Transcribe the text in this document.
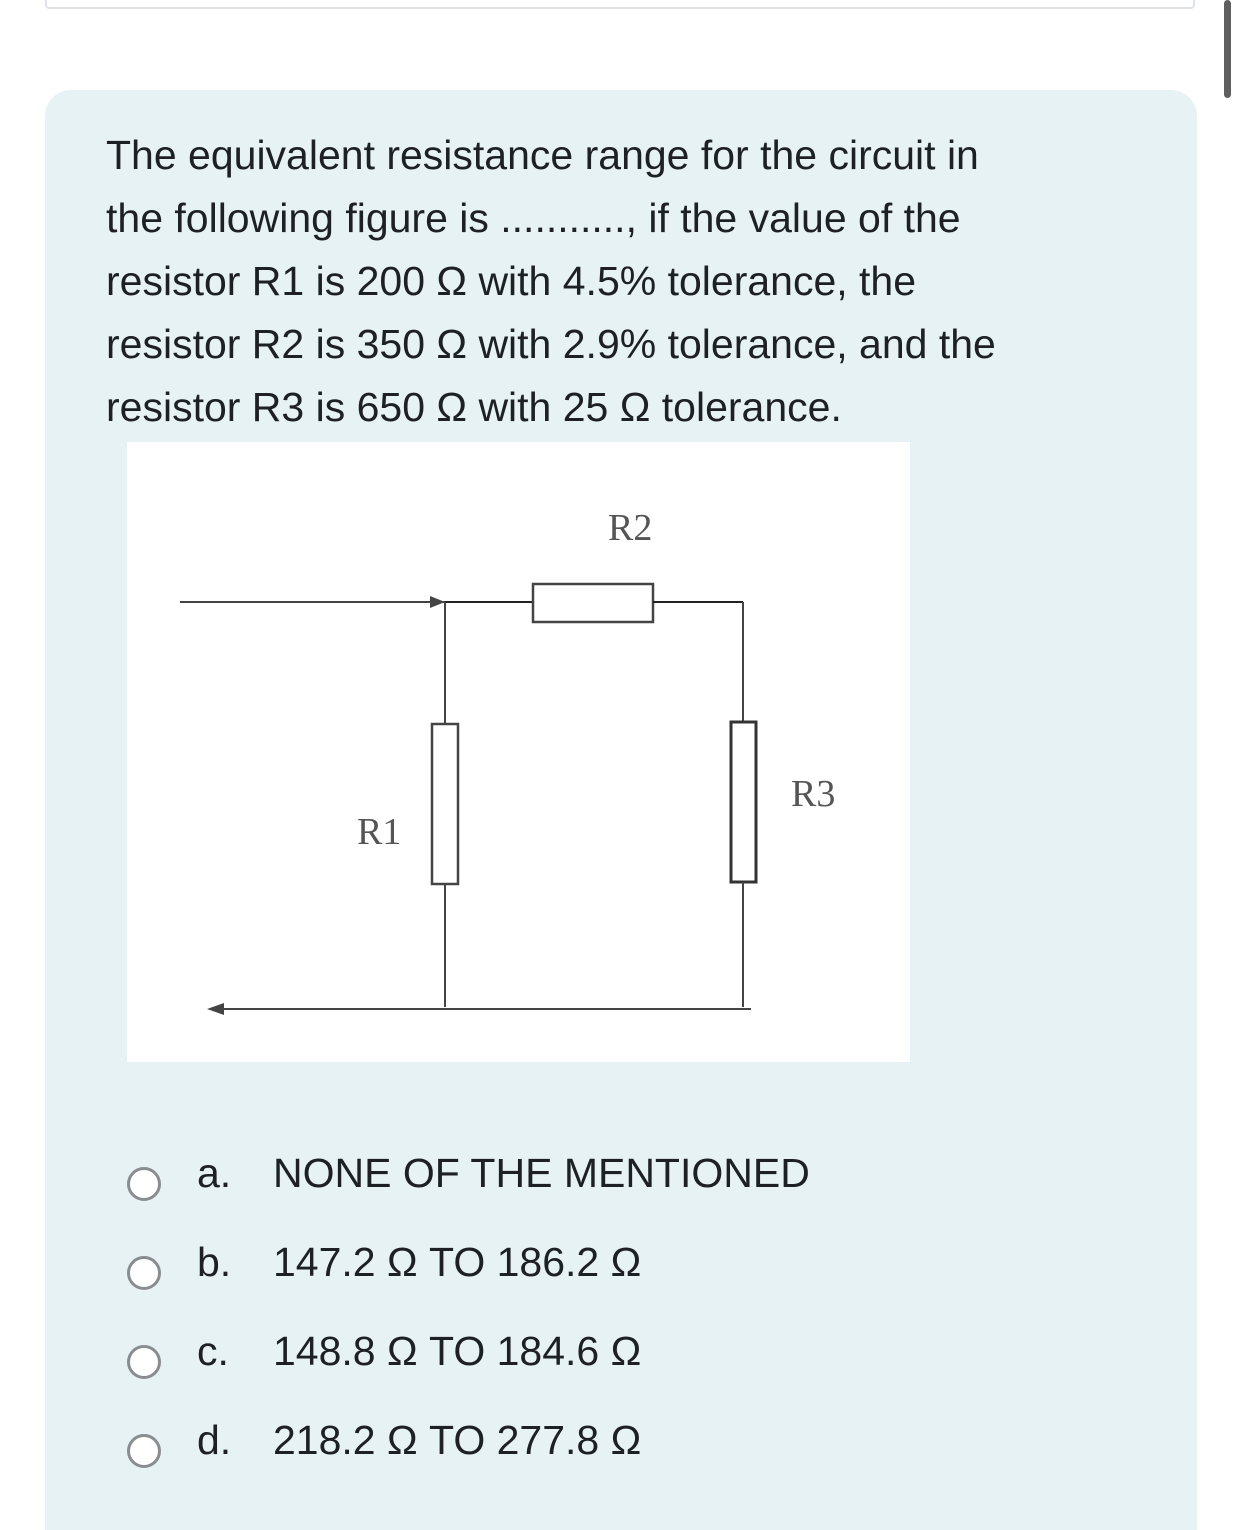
The equivalent resistance range for the circuit in
the following figure is ..........., if the value of the
resistor R1 is 200 Ω with 4.5% tolerance, the
resistor R2 is 350 Ω with 2.9% tolerance, and the
resistor R3 is 650 Ω with 25 Ω tolerance.

R2
R1
R3
a. NONE OF THE MENTIONED
b. 147.2 Ω TO 186.2 Ω
c. 148.8 Ω TO 184.6 Ω
d. 218.2 Ω TO 277.8 Ω
